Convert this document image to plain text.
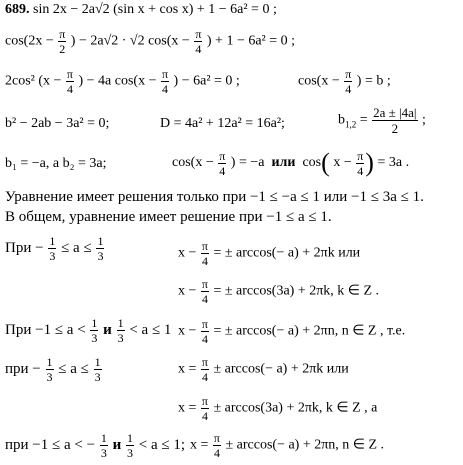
689. sin 2x − 2a√2 (sin x + cos x) + 1 − 6a² = 0 ;
$\cos(2x - \frac{\pi}{2}$ ) − 2a√2 · √2 $\cos(x - \frac{\pi}{4}$ ) + 1 − 6a² = 0 ;
2cos² ($x - \frac{\pi}{4}$ ) − 4a $\cos(x - \frac{\pi}{4}$ ) − 6a² = 0 ;	$\cos(x - \frac{\pi}{4}$ ) = b ;
b² − 2ab − 3a² = 0;	D = 4a² + 12a² = 16a²;	$b_{1,2} = \frac{2a \pm |4a|}{2}$ ;
b₁ = −a, a b₂ = 3a;	$\cos(x - \frac{\pi}{4}$ ) = −a или cos( $x - \frac{\pi}{4}$ ) = 3a .
Уравнение имеет решения только при −1 ≤ −a ≤ 1 или −1 ≤ 3a ≤ 1.
В общем, уравнение имеет решение при −1 ≤ a ≤ 1.
При − $\frac{1}{3} \le a \le \frac{1}{3}$	$x - \frac{\pi}{4}$ = ± arccos(− a) + 2πk или
$x - \frac{\pi}{4}$ = ± arccos(3a) + 2πk, k ∈ Z .
При $-1 \le a < \frac{1}{3}$ и $\frac{1}{3} < a \le 1$ $x - \frac{\pi}{4}$ = ± arccos(− a) + 2πn, n ∈ Z , т.е.
при − $\frac{1}{3} \le a \le \frac{1}{3}$	$x = \frac{\pi}{4} \pm \arccos(- a) + 2\pi k$ или
$x = \frac{\pi}{4} \pm \arccos(3a) + 2\pi k$, k ∈ Z , а
при −1 ≤ a < − $\frac{1}{3}$ и $\frac{1}{3} < a \le 1$; $x = \frac{\pi}{4} \pm \arccos(- a) + 2\pi n$, n ∈ Z .
